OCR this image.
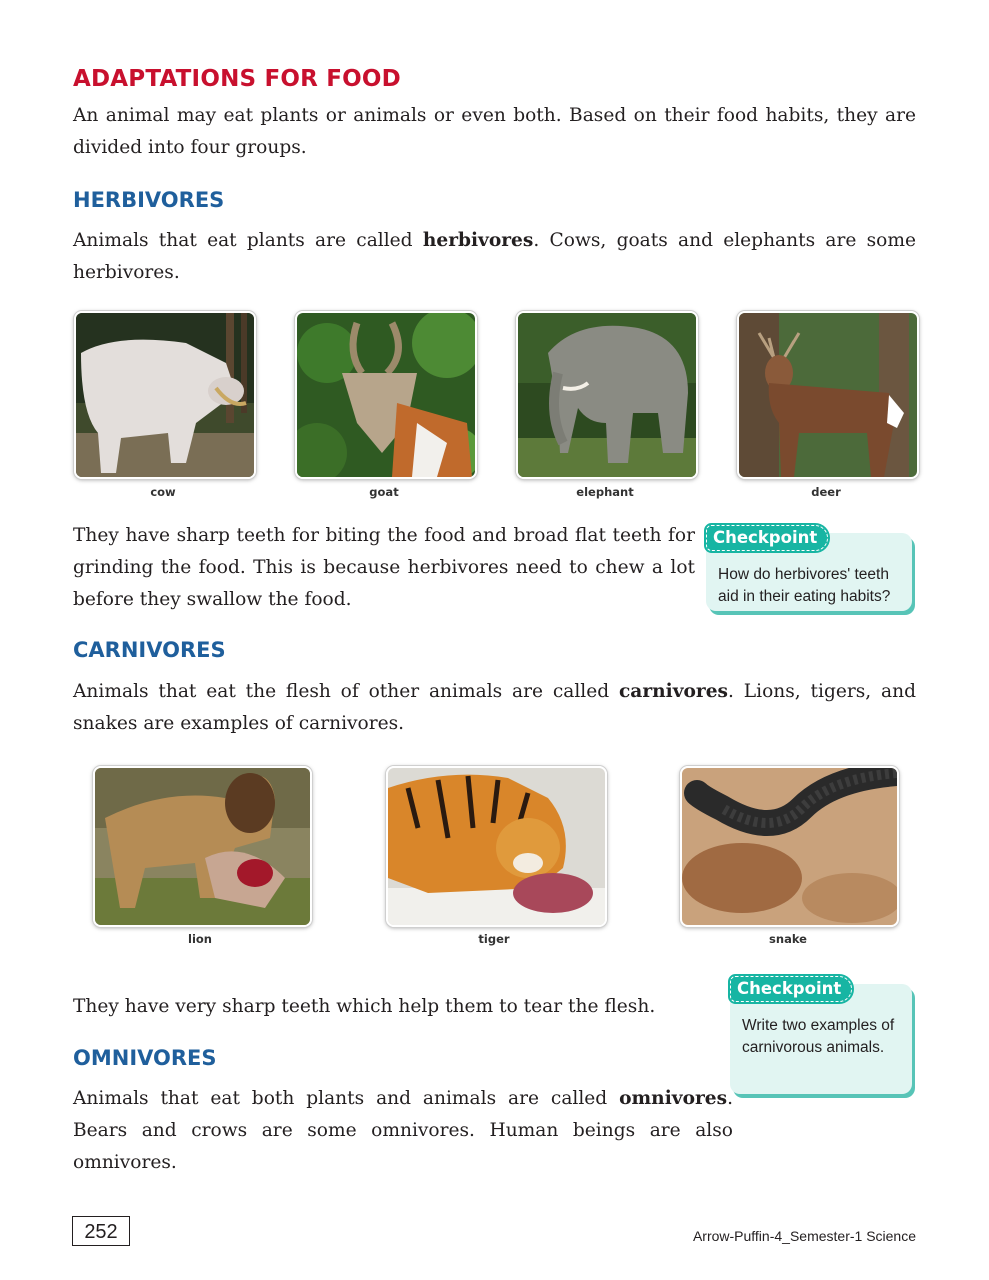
ADAPTATIONS FOR FOOD

An animal may eat plants or animals or even both. Based on their food habits, they are divided into four groups.

HERBIVORES

Animals that eat plants are called herbivores. Cows, goats and elephants are some herbivores.

cow	goat	elephant	deer

They have sharp teeth for biting the food and broad flat teeth for grinding the food. This is because herbivores need to chew a lot before they swallow the food.

How do herbivores' teeth aid in their eating habits?
Checkpoint
CARNIVORES

Animals that eat the flesh of other animals are called carnivores. Lions, tigers, and snakes are examples of carnivores.

lion	tiger	snake

They have very sharp teeth which help them to tear the flesh.

Write two examples of carnivorous animals.
Checkpoint
OMNIVORES

Animals that eat both plants and animals are called omnivores. Bears and crows are some omnivores. Human beings are also omnivores.

252	Arrow-Puffin-4_Semester-1 Science
